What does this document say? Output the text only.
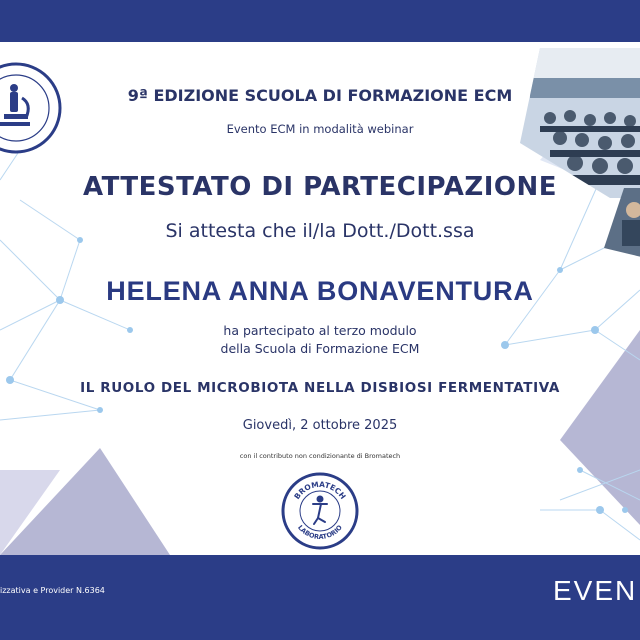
9ª EDIZIONE SCUOLA DI FORMAZIONE ECM
Evento ECM in modalità webinar
ATTESTATO DI PARTECIPAZIONE
Si attesta che il/la Dott./Dott.ssa
HELENA ANNA BONAVENTURA
ha partecipato al terzo modulo
della Scuola di Formazione ECM
IL RUOLO DEL MICROBIOTA NELLA DISBIOSI FERMENTATIVA
Giovedì, 2 ottobre 2025
con il contributo non condizionante di Bromatech
BROMATECH
LABORATORIO
izzativa e Provider N.6364	EVEN
